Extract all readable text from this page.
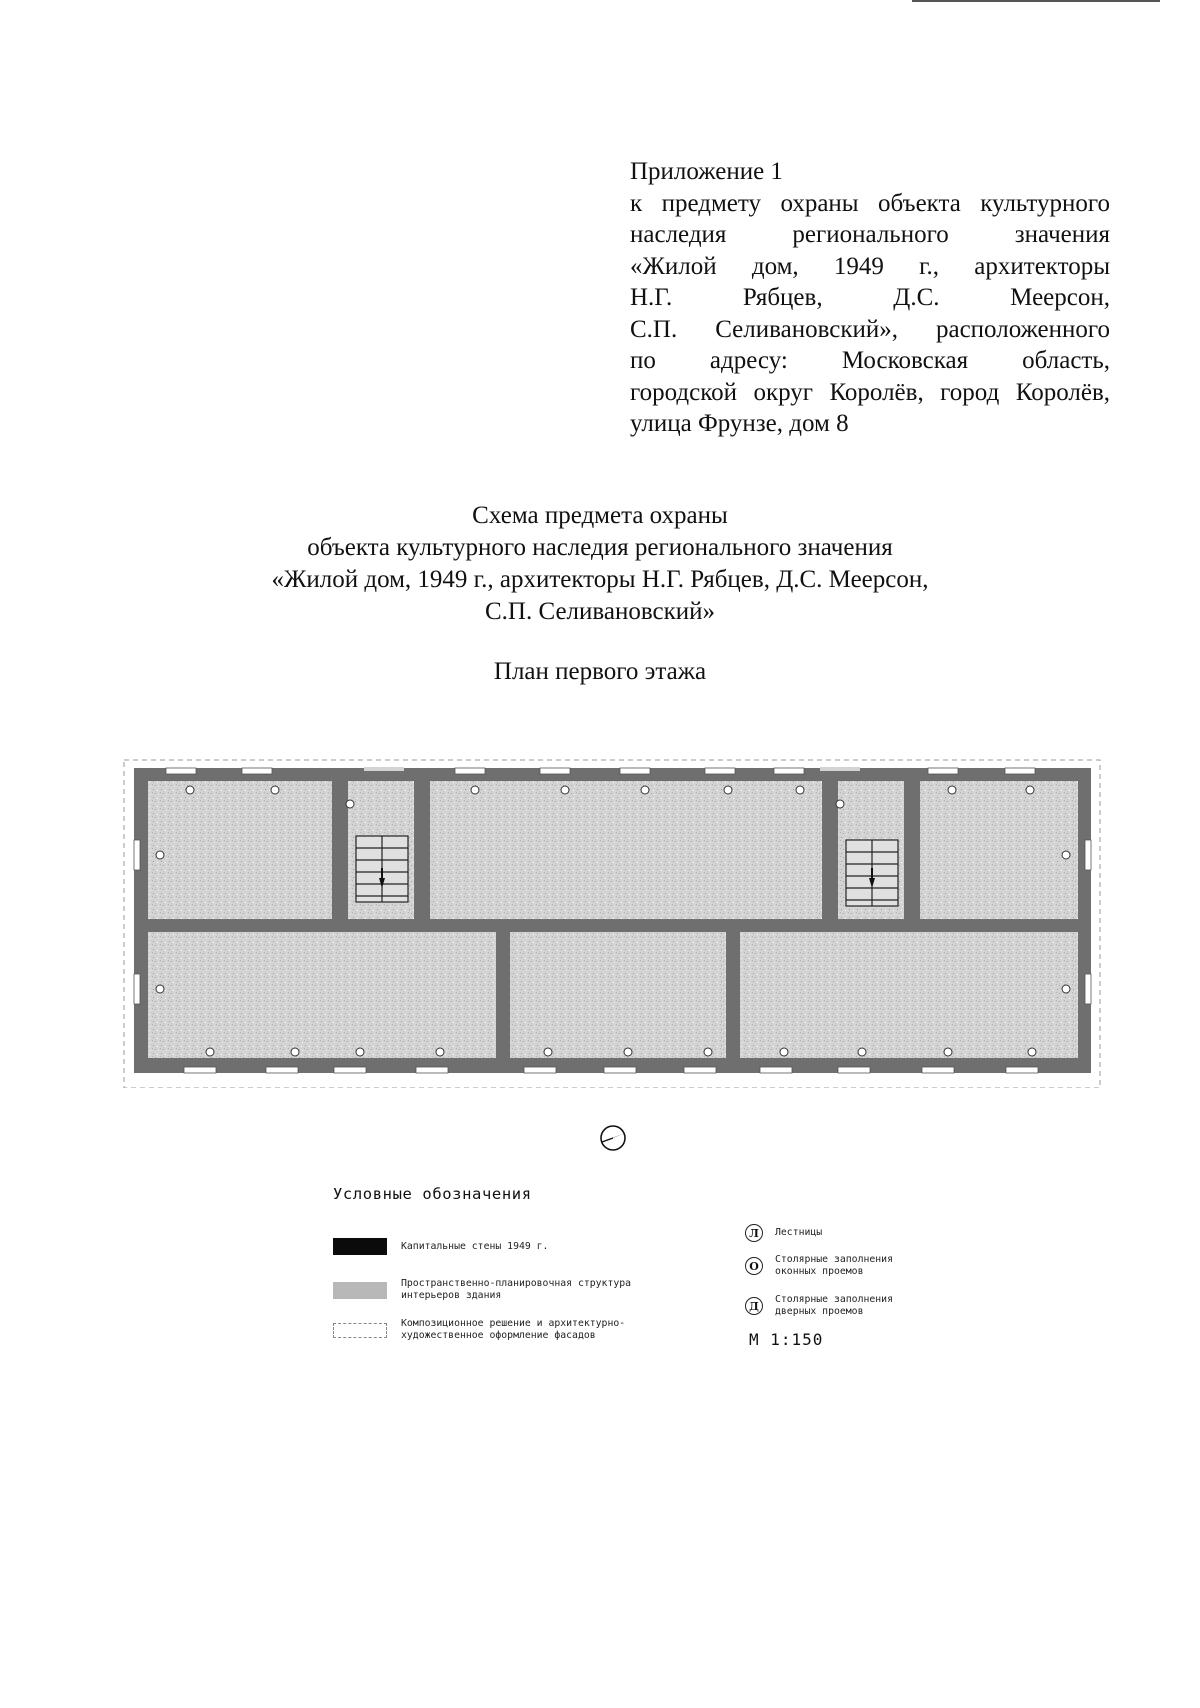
Приложение 1
к предмету охраны объекта культурного
наследия регионального значения
«Жилой дом, 1949 г., архитекторы
Н.Г. Рябцев, Д.С. Меерсон,
С.П. Селивановский», расположенного
по адресу: Московская область,
городской округ Королёв, город Королёв,
улица Фрунзе, дом 8
Схема предмета охраны
объекта культурного наследия регионального значения
«Жилой дом, 1949 г., архитекторы Н.Г. Рябцев, Д.С. Меерсон,
С.П. Селивановский»
План первого этажа
Условные обозначения
Капитальные стены 1949 г.
Пространственно-планировочная структура
интерьеров здания
Композиционное решение и архитектурно-
художественное оформление фасадов
Л	Лестницы
О	Столярные заполнения
оконных проемов
Д	Столярные заполнения
дверных проемов
М 1:150
